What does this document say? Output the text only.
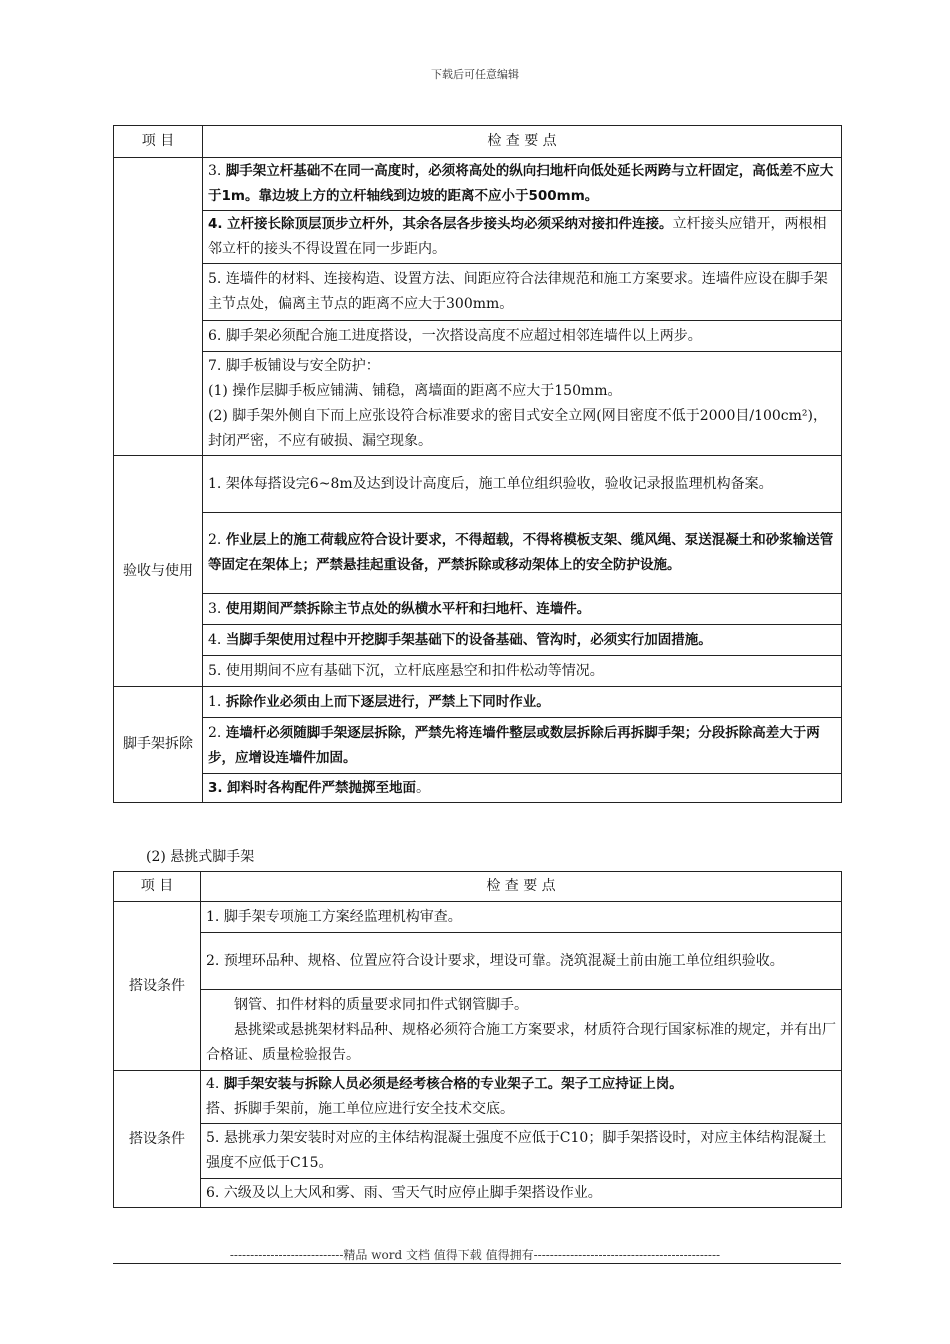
下载后可任意编辑
项 目	检 查 要 点
	3. 脚手架立杆基础不在同一高度时，必须将高处的纵向扫地杆向低处延长两跨与立杆固定，高低差不应大于1m。靠边坡上方的立杆轴线到边坡的距离不应小于500mm。
	4. 立杆接长除顶层顶步立杆外，其余各层各步接头均必须采纳对接扣件连接。立杆接头应错开，两根相邻立杆的接头不得设置在同一步距内。
	5. 连墙件的材料、连接构造、设置方法、间距应符合法律规范和施工方案要求。连墙件应设在脚手架主节点处，偏离主节点的距离不应大于300mm。
	6. 脚手架必须配合施工进度搭设，一次搭设高度不应超过相邻连墙件以上两步。

	7. 脚手板铺设与安全防护：
(1) 操作层脚手板应铺满、铺稳，离墙面的距离不应大于150mm。
(2) 脚手架外侧自下而上应张设符合标准要求的密目式安全立网(网目密度不低于2000目/100cm²)，封闭严密，不应有破损、漏空现象。

验收与使用	1. 架体每搭设完6~8m及达到设计高度后，施工单位组织验收，验收记录报监理机构备案。
	2. 作业层上的施工荷载应符合设计要求，不得超载，不得将模板支架、缆风绳、泵送混凝土和砂浆输送管等固定在架体上；严禁悬挂起重设备，严禁拆除或移动架体上的安全防护设施。
	3. 使用期间严禁拆除主节点处的纵横水平杆和扫地杆、连墙件。
	4. 当脚手架使用过程中开挖脚手架基础下的设备基础、管沟时，必须实行加固措施。
	5. 使用期间不应有基础下沉，立杆底座悬空和扣件松动等情况。
脚手架拆除	1. 拆除作业必须由上而下逐层进行，严禁上下同时作业。
	2. 连墙杆必须随脚手架逐层拆除，严禁先将连墙件整层或数层拆除后再拆脚手架；分段拆除高差大于两步，应增设连墙件加固。
	3. 卸料时各构配件严禁抛掷至地面。
(2) 悬挑式脚手架
项 目	检 查 要 点
搭设条件	1. 脚手架专项施工方案经监理机构审查。
	2. 预埋环品种、规格、位置应符合设计要求，埋设可靠。浇筑混凝土前由施工单位组织验收。

	钢管、扣件材料的质量要求同扣件式钢管脚手。
悬挑梁或悬挑架材料品种、规格必须符合施工方案要求，材质符合现行国家标准的规定，并有出厂合格证、质量检验报告。

搭设条件	4. 脚手架安装与拆除人员必须是经考核合格的专业架子工。架子工应持证上岗。
搭、拆脚手架前，施工单位应进行安全技术交底。

	5. 悬挑承力架安装时对应的主体结构混凝土强度不应低于C10；脚手架搭设时，对应主体结构混凝土强度不应低于C15。
	6. 六级及以上大风和雾、雨、雪天气时应停止脚手架搭设作业。
----------------------------精品 word 文档 值得下载 值得拥有----------------------------------------------
